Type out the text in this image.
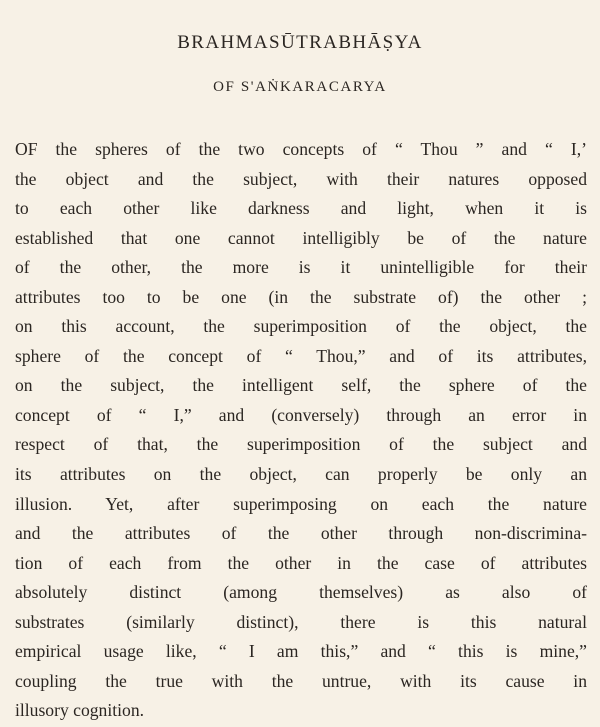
BRAHMASŪTRABHĀṢYA
OF S'AṄKARACARYA
OF the spheres of the two concepts of “ Thou ” and “ I,’
the object and the subject, with their natures opposed
to each other like darkness and light, when it is
established that one cannot intelligibly be of the nature
of the other, the more is it unintelligible for their
attributes too to be one (in the substrate of) the other ;
on this account, the superimposition of the object, the
sphere of the concept of “ Thou,” and of its attributes,
on the subject, the intelligent self, the sphere of the
concept of “ I,” and (conversely) through an error in
respect of that, the superimposition of the subject and
its attributes on the object, can properly be only an
illusion. Yet, after superimposing on each the nature
and the attributes of the other through non-discrimina-
tion of each from the other in the case of attributes
absolutely distinct (among themselves) as also of
substrates (similarly distinct), there is this natural
empirical usage like, “ I am this,” and “ this is mine,”
coupling the true with the untrue, with its cause in
illusory cognition.
